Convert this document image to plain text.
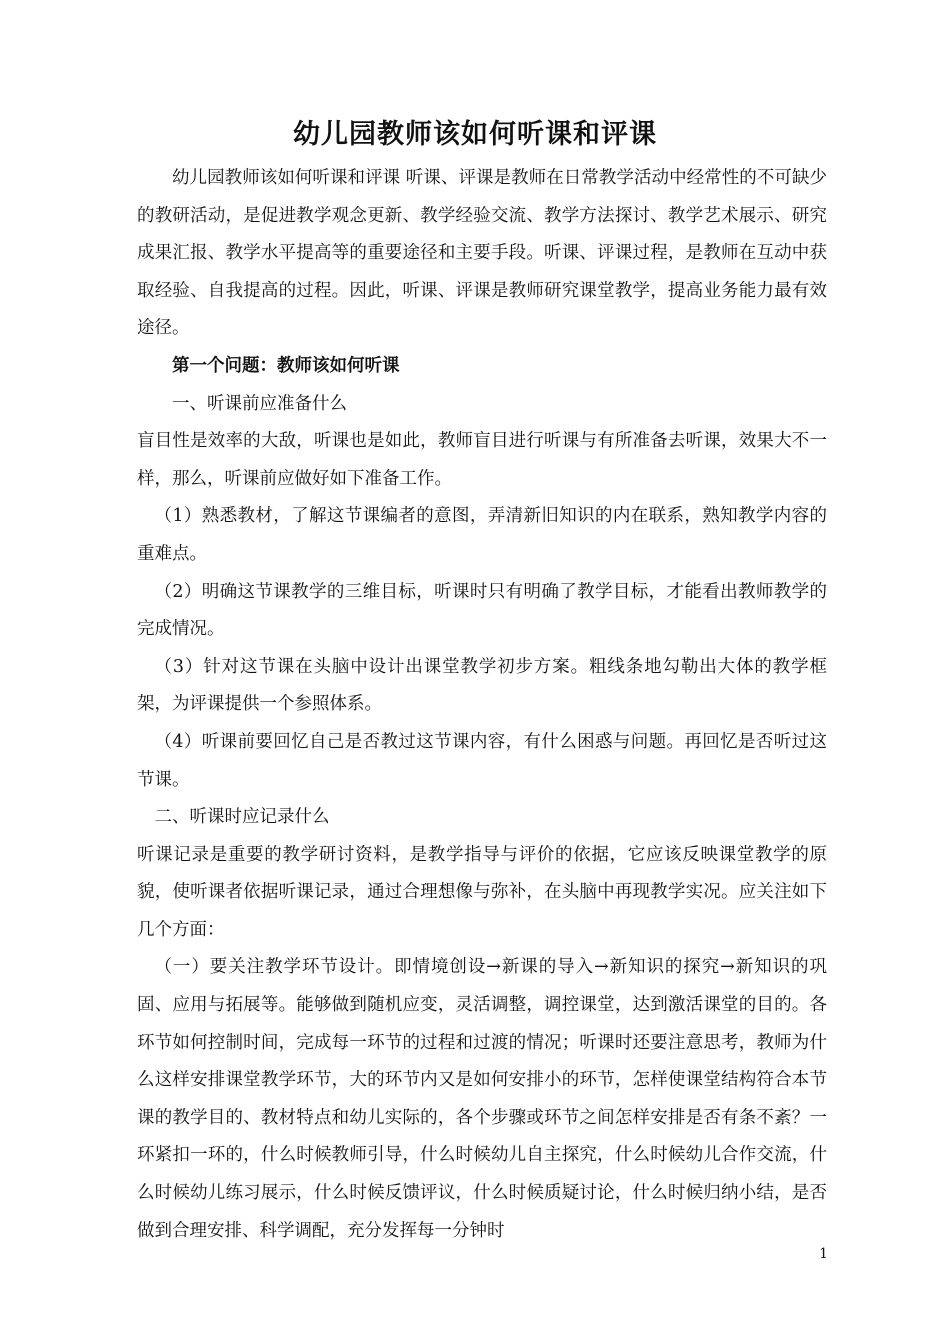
幼儿园教师该如何听课和评课

幼儿园教师该如何听课和评课 听课、评课是教师在日常教学活动中经常性的不可缺少的教研活动，是促进教学观念更新、教学经验交流、教学方法探讨、教学艺术展示、研究成果汇报、教学水平提高等的重要途径和主要手段。听课、评课过程，是教师在互动中获取经验、自我提高的过程。因此，听课、评课是教师研究课堂教学，提高业务能力最有效途径。

第一个问题：教师该如何听课

一、听课前应准备什么

盲目性是效率的大敌，听课也是如此，教师盲目进行听课与有所准备去听课，效果大不一样，那么，听课前应做好如下准备工作。

（1）熟悉教材，了解这节课编者的意图，弄清新旧知识的内在联系，熟知教学内容的重难点。

（2）明确这节课教学的三维目标，听课时只有明确了教学目标，才能看出教师教学的完成情况。

（3）针对这节课在头脑中设计出课堂教学初步方案。粗线条地勾勒出大体的教学框架，为评课提供一个参照体系。

（4）听课前要回忆自己是否教过这节课内容，有什么困惑与问题。再回忆是否听过这节课。

二、听课时应记录什么

听课记录是重要的教学研讨资料，是教学指导与评价的依据，它应该反映课堂教学的原貌，使听课者依据听课记录，通过合理想像与弥补，在头脑中再现教学实况。应关注如下几个方面：

（一）要关注教学环节设计。即情境创设→新课的导入→新知识的探究→新知识的巩固、应用与拓展等。能够做到随机应变，灵活调整，调控课堂，达到激活课堂的目的。各环节如何控制时间，完成每一环节的过程和过渡的情况；听课时还要注意思考，教师为什么这样安排课堂教学环节，大的环节内又是如何安排小的环节，怎样使课堂结构符合本节课的教学目的、教材特点和幼儿实际的，各个步骤或环节之间怎样安排是否有条不紊？一环紧扣一环的，什么时候教师引导，什么时候幼儿自主探究，什么时候幼儿合作交流，什么时候幼儿练习展示，什么时候反馈评议，什么时候质疑讨论，什么时候归纳小结，是否做到合理安排、科学调配，充分发挥每一分钟时

1
